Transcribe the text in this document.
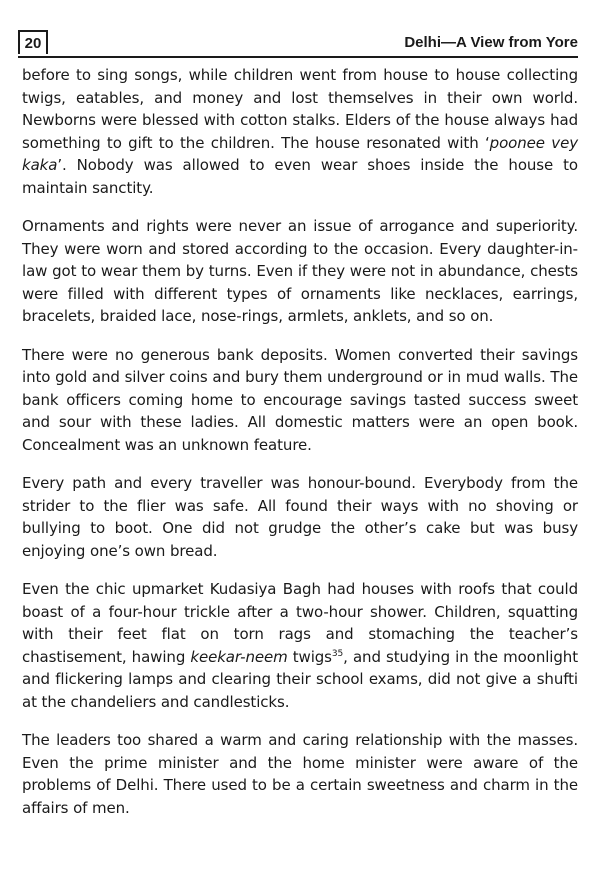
20	Delhi—A View from Yore

before to sing songs, while children went from house to house collecting twigs, eatables, and money and lost themselves in their own world. Newborns were blessed with cotton stalks. Elders of the house always had something to gift to the children. The house resonated with ‘poonee vey kaka’. Nobody was allowed to even wear shoes inside the house to maintain sanctity.

Ornaments and rights were never an issue of arrogance and superiority. They were worn and stored according to the occasion. Every daughter-in-law got to wear them by turns. Even if they were not in abundance, chests were filled with different types of ornaments like necklaces, earrings, bracelets, braided lace, nose-rings, armlets, anklets, and so on.

There were no generous bank deposits. Women converted their savings into gold and silver coins and bury them underground or in mud walls. The bank officers coming home to encourage savings tasted success sweet and sour with these ladies. All domestic matters were an open book. Concealment was an unknown feature.

Every path and every traveller was honour-bound. Everybody from the strider to the flier was safe. All found their ways with no shoving or bullying to boot. One did not grudge the other’s cake but was busy enjoying one’s own bread.

Even the chic upmarket Kudasiya Bagh had houses with roofs that could boast of a four-hour trickle after a two-hour shower. Children, squatting with their feet flat on torn rags and stomaching the teacher’s chastisement, hawing keekar-neem twigs$^{35}$, and studying in the moonlight and flickering lamps and clearing their school exams, did not give a shufti at the chandeliers and candlesticks.

The leaders too shared a warm and caring relationship with the masses. Even the prime minister and the home minister were aware of the problems of Delhi. There used to be a certain sweetness and charm in the affairs of men.
